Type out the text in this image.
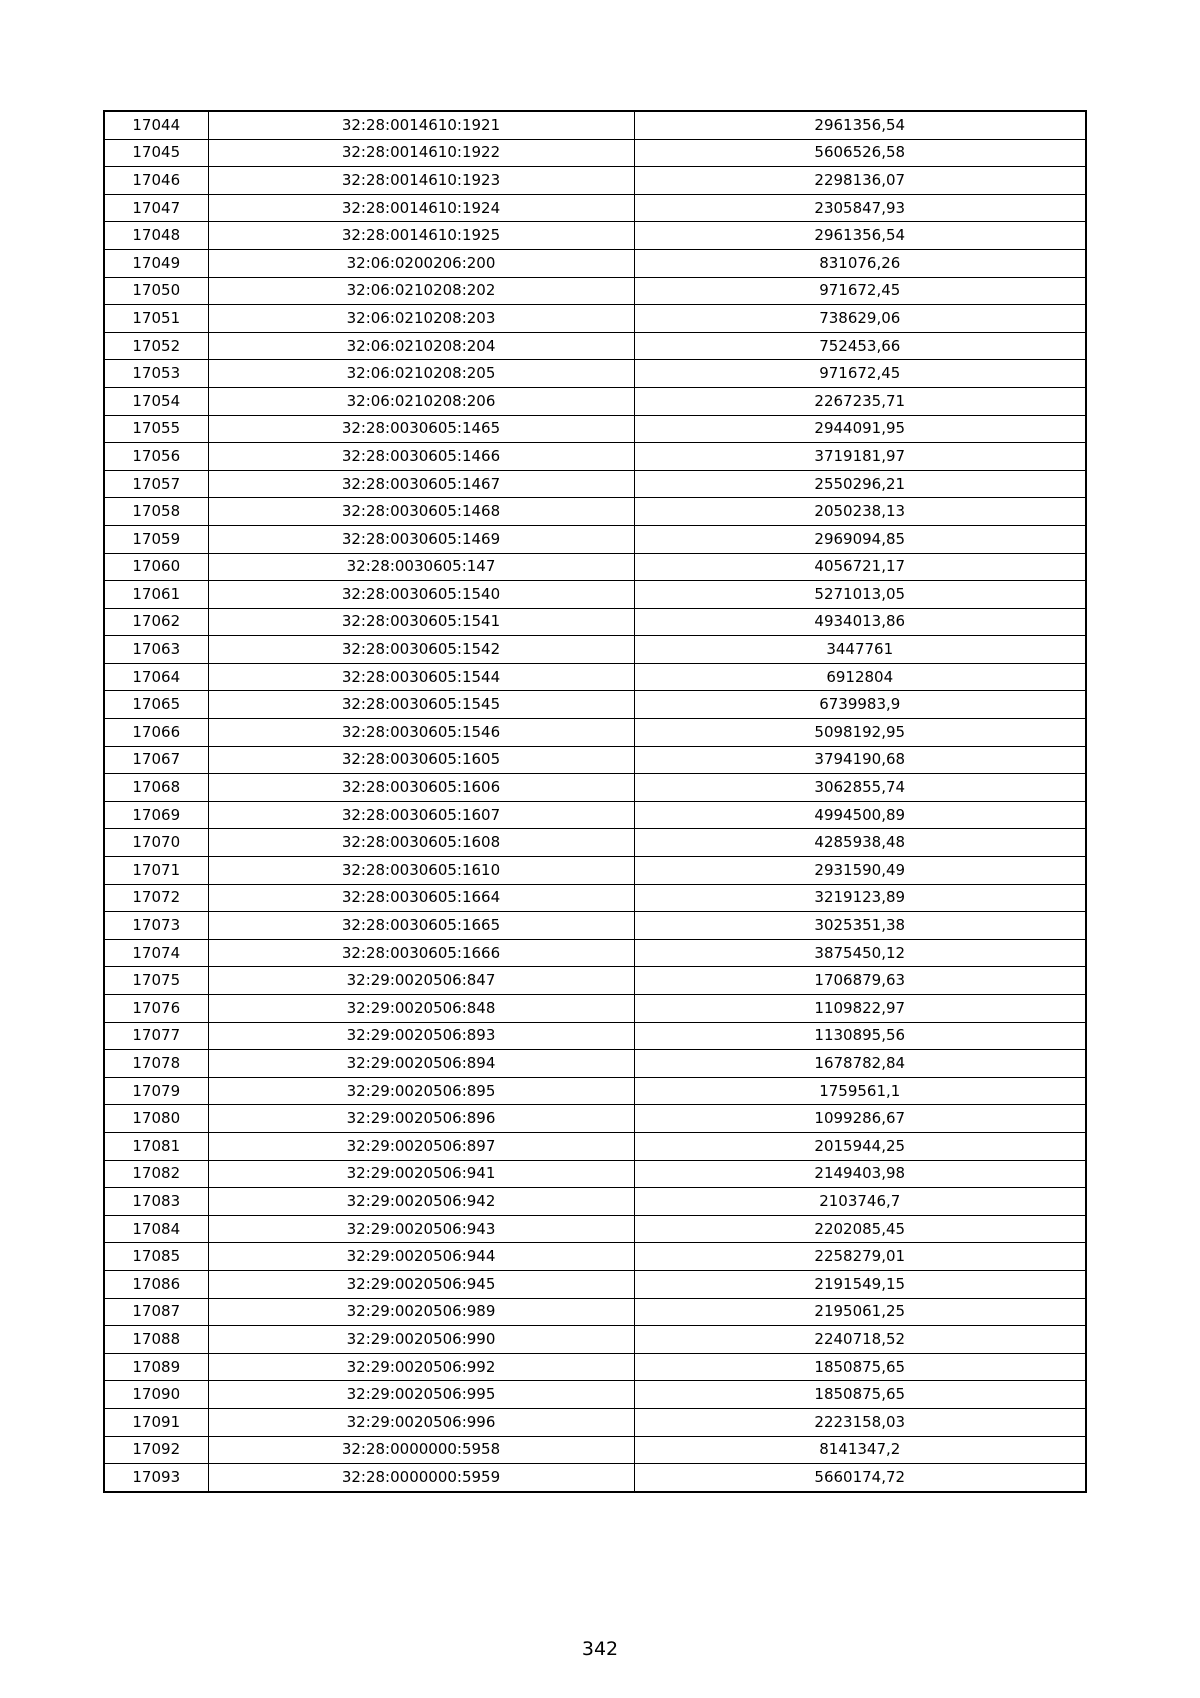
17044	32:28:0014610:1921	2961356,54
17045	32:28:0014610:1922	5606526,58
17046	32:28:0014610:1923	2298136,07
17047	32:28:0014610:1924	2305847,93
17048	32:28:0014610:1925	2961356,54
17049	32:06:0200206:200	831076,26
17050	32:06:0210208:202	971672,45
17051	32:06:0210208:203	738629,06
17052	32:06:0210208:204	752453,66
17053	32:06:0210208:205	971672,45
17054	32:06:0210208:206	2267235,71
17055	32:28:0030605:1465	2944091,95
17056	32:28:0030605:1466	3719181,97
17057	32:28:0030605:1467	2550296,21
17058	32:28:0030605:1468	2050238,13
17059	32:28:0030605:1469	2969094,85
17060	32:28:0030605:147	4056721,17
17061	32:28:0030605:1540	5271013,05
17062	32:28:0030605:1541	4934013,86
17063	32:28:0030605:1542	3447761
17064	32:28:0030605:1544	6912804
17065	32:28:0030605:1545	6739983,9
17066	32:28:0030605:1546	5098192,95
17067	32:28:0030605:1605	3794190,68
17068	32:28:0030605:1606	3062855,74
17069	32:28:0030605:1607	4994500,89
17070	32:28:0030605:1608	4285938,48
17071	32:28:0030605:1610	2931590,49
17072	32:28:0030605:1664	3219123,89
17073	32:28:0030605:1665	3025351,38
17074	32:28:0030605:1666	3875450,12
17075	32:29:0020506:847	1706879,63
17076	32:29:0020506:848	1109822,97
17077	32:29:0020506:893	1130895,56
17078	32:29:0020506:894	1678782,84
17079	32:29:0020506:895	1759561,1
17080	32:29:0020506:896	1099286,67
17081	32:29:0020506:897	2015944,25
17082	32:29:0020506:941	2149403,98
17083	32:29:0020506:942	2103746,7
17084	32:29:0020506:943	2202085,45
17085	32:29:0020506:944	2258279,01
17086	32:29:0020506:945	2191549,15
17087	32:29:0020506:989	2195061,25
17088	32:29:0020506:990	2240718,52
17089	32:29:0020506:992	1850875,65
17090	32:29:0020506:995	1850875,65
17091	32:29:0020506:996	2223158,03
17092	32:28:0000000:5958	8141347,2
17093	32:28:0000000:5959	5660174,72
342
